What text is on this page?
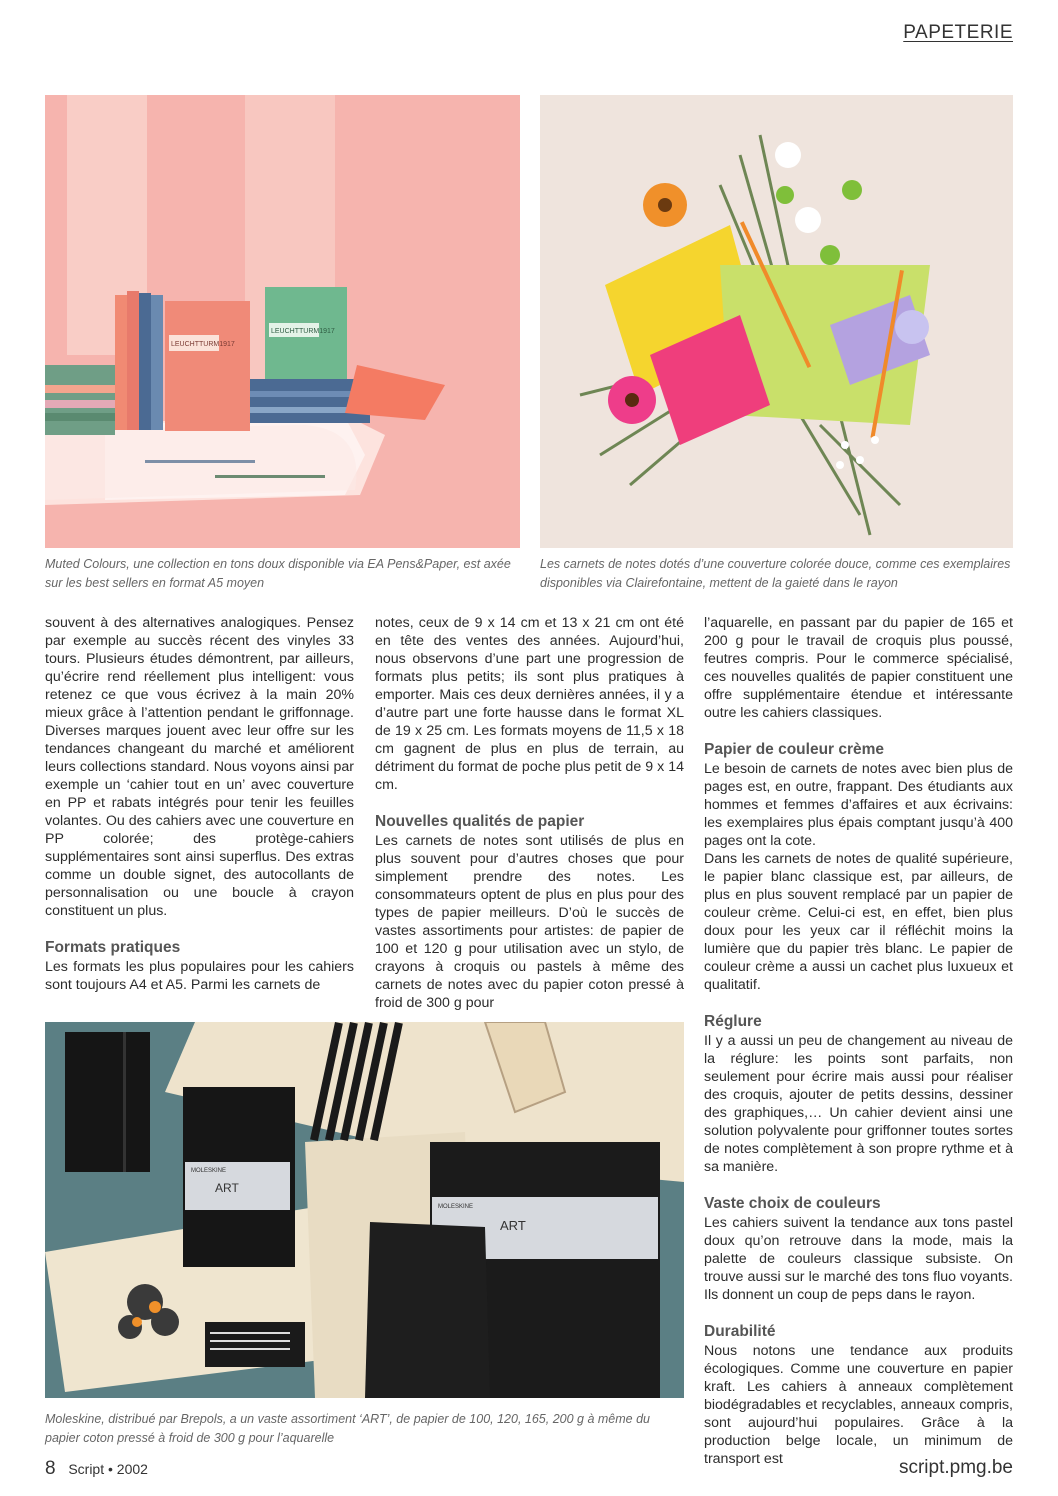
PAPETERIE
LEUCHTTURM1917
LEUCHTTURM1917
Muted Colours, une collection en tons doux disponible via EA Pens&Paper, est axée sur les best sellers en format A5 moyen
Les carnets de notes dotés d’une couverture colorée douce, comme ces exemplaires disponibles via Clairefontaine, mettent de la gaieté dans le rayon

souvent à des alternatives analogiques. Pensez par exemple au succès récent des vinyles 33 tours. Plusieurs études démontrent, par ailleurs, qu’écrire rend réellement plus intelligent: vous retenez ce que vous écrivez à la main 20% mieux grâce à l’attention pendant le griffonnage. Diverses marques jouent avec leur offre sur les tendances changeant du marché et améliorent leurs collections standard. Nous voyons ainsi par exemple un ‘cahier tout en un’ avec couverture en PP et rabats intégrés pour tenir les feuilles volantes. Ou des cahiers avec une couverture en PP colorée; des protège-cahiers supplémentaires sont ainsi superflus. Des extras comme un double signet, des autocollants de personnalisation ou une boucle à crayon constituent un plus.

Formats pratiques

Les formats les plus populaires pour les cahiers sont toujours A4 et A5. Parmi les carnets de

notes, ceux de 9 x 14 cm et 13 x 21 cm ont été en tête des ventes des années. Aujourd’hui, nous observons d’une part une progression de formats plus petits; ils sont plus pratiques à emporter. Mais ces deux dernières années, il y a d’autre part une forte hausse dans le format XL de 19 x 25 cm. Les formats moyens de 11,5 x 18 cm gagnent de plus en plus de terrain, au détriment du format de poche plus petit de 9 x 14 cm.

Nouvelles qualités de papier

Les carnets de notes sont utilisés de plus en plus souvent pour d’autres choses que pour simplement prendre des notes. Les consommateurs optent de plus en plus pour des types de papier meilleurs. D’où le succès de vastes assortiments pour artistes: de papier de 100 et 120 g pour utilisation avec un stylo, de crayons à croquis ou pastels à même des carnets de notes avec du papier coton pressé à froid de 300 g pour

l’aquarelle, en passant par du papier de 165 et 200 g pour le travail de croquis plus poussé, feutres compris. Pour le commerce spécialisé, ces nouvelles qualités de papier constituent une offre supplémentaire étendue et intéressante outre les cahiers classiques.

Papier de couleur crème

Le besoin de carnets de notes avec bien plus de pages est, en outre, frappant. Des étudiants aux hommes et femmes d’affaires et aux écrivains: les exemplaires plus épais comptant jusqu’à 400 pages ont la cote.

Dans les carnets de notes de qualité supérieure, le papier blanc classique est, par ailleurs, de plus en plus souvent remplacé par un papier de couleur crème. Celui-ci est, en effet, bien plus doux pour les yeux car il réfléchit moins la lumière que du papier très blanc. Le papier de couleur crème a aussi un cachet plus luxueux et qualitatif.

Réglure

Il y a aussi un peu de changement au niveau de la réglure: les points sont parfaits, non seulement pour écrire mais aussi pour réaliser des croquis, ajouter de petits dessins, dessiner des graphiques,… Un cahier devient ainsi une solution polyvalente pour griffonner toutes sortes de notes complètement à son propre rythme et à sa manière.

Vaste choix de couleurs

Les cahiers suivent la tendance aux tons pastel doux qu’on retrouve dans la mode, mais la palette de couleurs classique subsiste. On trouve aussi sur le marché des tons fluo voyants. Ils donnent un coup de peps dans le rayon.

Durabilité

Nous notons une tendance aux produits écologiques. Comme une couverture en papier kraft. Les cahiers à anneaux complètement biodégradables et recyclables, anneaux compris, sont aujourd’hui populaires. Grâce à la production belge locale, un minimum de transport est

MOLESKINE
ART
MOLESKINE
ART
Moleskine, distribué par Brepols, a un vaste assortiment ‘ART’, de papier de 100, 120, 165, 200 g à même du papier coton pressé à froid de 300 g pour l’aquarelle
8 Script • 2002	script.pmg.be
